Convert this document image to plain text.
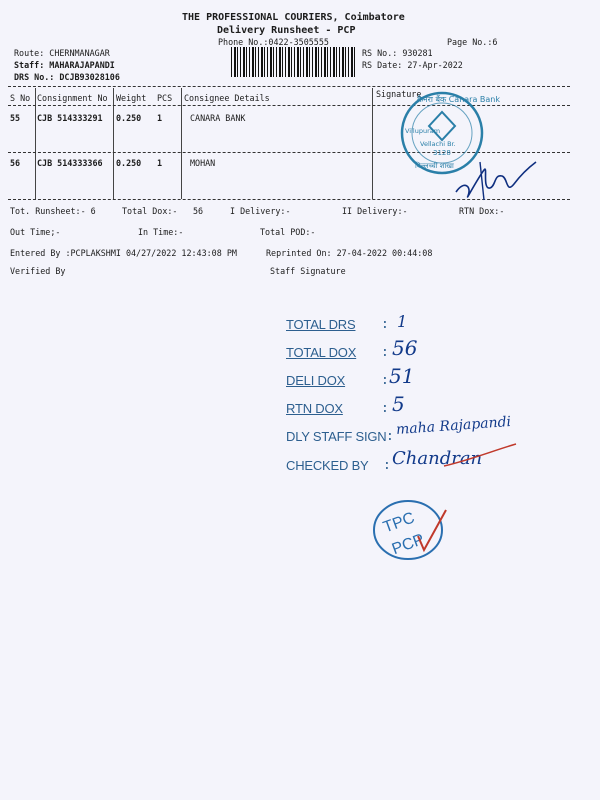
THE PROFESSIONAL COURIERS, Coimbatore
Delivery Runsheet - PCP
Phone No.:0422-3505555	Page No.:6
Route: CHERNMANAGAR
Staff: MAHARAJAPANDI
DRS No.: DCJB93028106
RS No.: 930281
RS Date: 27-Apr-2022
S No Consignment No Weight PCS Consignee Details	Signature
55 CJB 514333291 0.250 1	CANARA BANK
56 CJB 514333366 0.250 1	MOHAN
कैनरा बैंक Canara Bank
Villupuram
Vellachi Br.
3128
विल्लच्ची शाखा
Tot. Runsheet:- 6	Total Dox:- 56	I Delivery:-	II Delivery:-	RTN Dox:-
Out Time;-	In Time:-	Total POD:-
Entered By :PCPLAKSHMI 04/27/2022 12:43:08 PM	Reprinted On: 27-04-2022 00:44:08
Verified By	Staff Signature
TOTAL DRS : 1
TOTAL DOX : 56
DELI DOX	: 51
RTN DOX	: 5
DLY STAFF SIGN : maha Rajapandi
CHECKED BY : Chandran
TPC
PCP
